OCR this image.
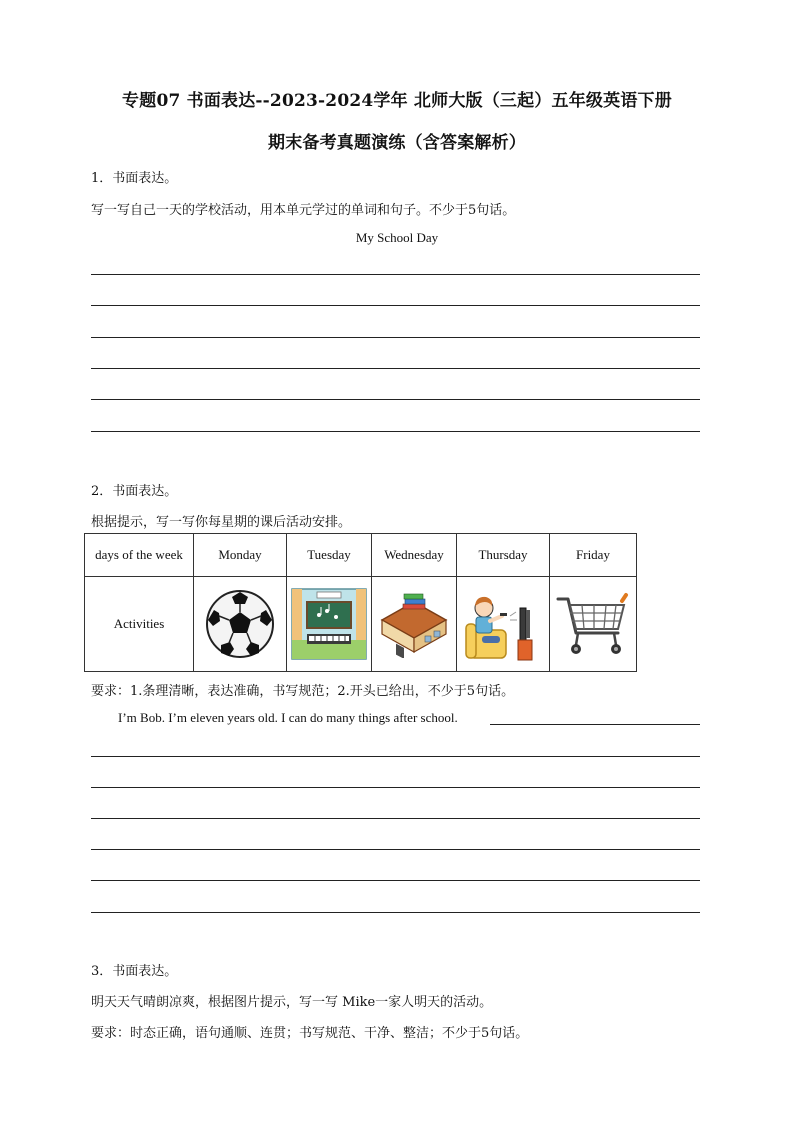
专题07 书面表达--2023-2024学年 北师大版（三起）五年级英语下册
期末备考真题演练（含答案解析）
1．书面表达。
写一写自己一天的学校活动，用本单元学过的单词和句子。不少于5句话。
My School Day
2．书面表达。
根据提示，写一写你每星期的课后活动安排。
days of the week	Monday	Tuesday	Wednesday	Thursday	Friday
Activities	

要求：1.条理清晰，表达准确，书写规范；2.开头已给出，不少于5句话。
I’m Bob. I’m eleven years old. I can do many things after school.
3．书面表达。
明天天气晴朗凉爽，根据图片提示，写一写 Mike一家人明天的活动。
要求：时态正确，语句通顺、连贯；书写规范、干净、整洁；不少于5句话。
